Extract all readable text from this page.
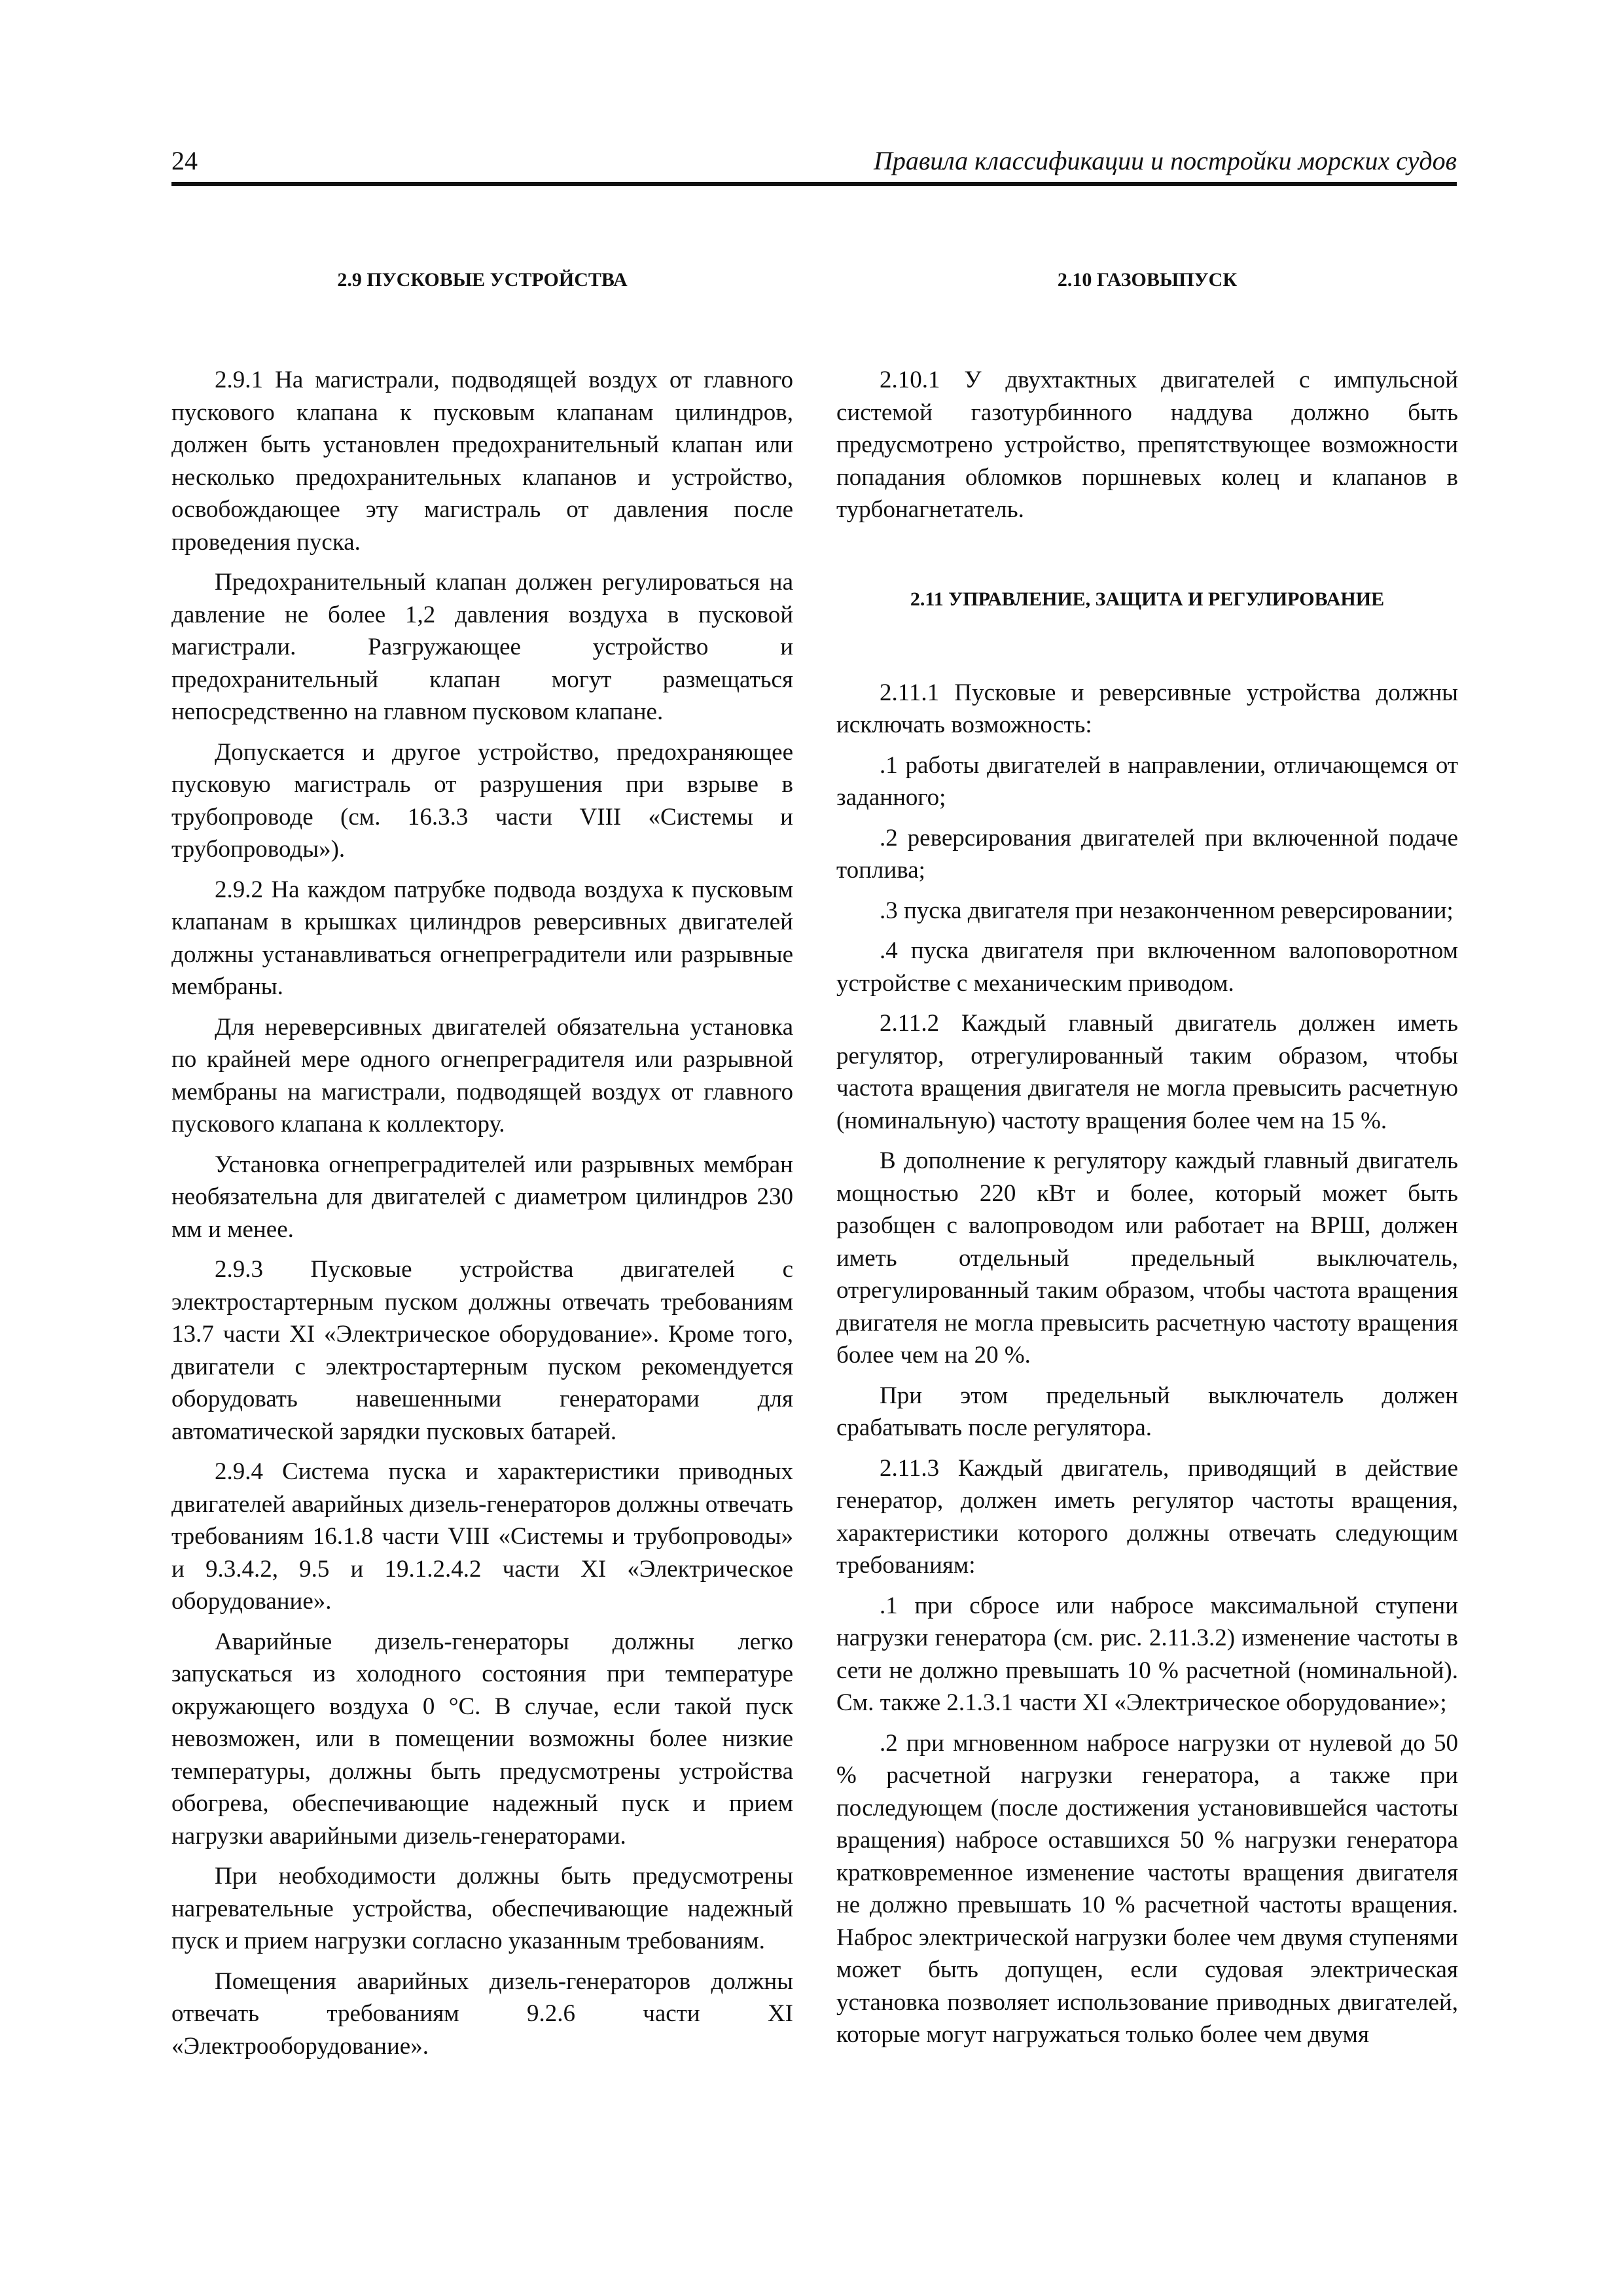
24	Правила классификации и постройки морских судов
2.9 ПУСКОВЫЕ УСТРОЙСТВА

2.9.1 На магистрали, подводящей воздух от главного пускового клапана к пусковым клапанам цилиндров, должен быть установлен предохранительный клапан или несколько предохранительных клапанов и устройство, освобождающее эту магистраль от давления после проведения пуска.

Предохранительный клапан должен регулироваться на давление не более 1,2 давления воздуха в пусковой магистрали. Разгружающее устройство и предохранительный клапан могут размещаться непосредственно на главном пусковом клапане.

Допускается и другое устройство, предохраняющее пусковую магистраль от разрушения при взрыве в трубопроводе (см. 16.3.3 части VIII «Системы и трубопроводы»).

2.9.2 На каждом патрубке подвода воздуха к пусковым клапанам в крышках цилиндров реверсивных двигателей должны устанавливаться огнепреградители или разрывные мембраны.

Для нереверсивных двигателей обязательна установка по крайней мере одного огнепреградителя или разрывной мембраны на магистрали, подводящей воздух от главного пускового клапана к коллектору.

Установка огнепреградителей или разрывных мембран необязательна для двигателей с диаметром цилиндров 230 мм и менее.

2.9.3 Пусковые устройства двигателей с электростартерным пуском должны отвечать требованиям 13.7 части XI «Электрическое оборудование». Кроме того, двигатели с электростартерным пуском рекомендуется оборудовать навешенными генераторами для автоматической зарядки пусковых батарей.

2.9.4 Система пуска и характеристики приводных двигателей аварийных дизель-генераторов должны отвечать требованиям 16.1.8 части VIII «Системы и трубопроводы» и 9.3.4.2, 9.5 и 19.1.2.4.2 части XI «Электрическое оборудование».

Аварийные дизель-генераторы должны легко запускаться из холодного состояния при температуре окружающего воздуха 0 °С. В случае, если такой пуск невозможен, или в помещении возможны более низкие температуры, должны быть предусмотрены устройства обогрева, обеспечивающие надежный пуск и прием нагрузки аварийными дизель-генераторами.

При необходимости должны быть предусмотрены нагревательные устройства, обеспечивающие надежный пуск и прием нагрузки согласно указанным требованиям.

Помещения аварийных дизель-генераторов должны отвечать требованиям 9.2.6 части XI «Электрооборудование».

2.10 ГАЗОВЫПУСК

2.10.1 У двухтактных двигателей с импульсной системой газотурбинного наддува должно быть предусмотрено устройство, препятствующее возможности попадания обломков поршневых колец и клапанов в турбонагнетатель.

2.11 УПРАВЛЕНИЕ, ЗАЩИТА И РЕГУЛИРОВАНИЕ

2.11.1 Пусковые и реверсивные устройства должны исключать возможность:

.1 работы двигателей в направлении, отличающемся от заданного;

.2 реверсирования двигателей при включенной подаче топлива;

.3 пуска двигателя при незаконченном реверсировании;

.4 пуска двигателя при включенном валоповоротном устройстве с механическим приводом.

2.11.2 Каждый главный двигатель должен иметь регулятор, отрегулированный таким образом, чтобы частота вращения двигателя не могла превысить расчетную (номинальную) частоту вращения более чем на 15 %.

В дополнение к регулятору каждый главный двигатель мощностью 220 кВт и более, который может быть разобщен с валопроводом или работает на ВРШ, должен иметь отдельный предельный выключатель, отрегулированный таким образом, чтобы частота вращения двигателя не могла превысить расчетную частоту вращения более чем на 20 %.

При этом предельный выключатель должен срабатывать после регулятора.

2.11.3 Каждый двигатель, приводящий в действие генератор, должен иметь регулятор частоты вращения, характеристики которого должны отвечать следующим требованиям:

.1 при сбросе или набросе максимальной ступени нагрузки генератора (см. рис. 2.11.3.2) изменение частоты в сети не должно превышать 10 % расчетной (номинальной). См. также 2.1.3.1 части XI «Электрическое оборудование»;

.2 при мгновенном набросе нагрузки от нулевой до 50 % расчетной нагрузки генератора, а также при последующем (после достижения установившейся частоты вращения) набросе оставшихся 50 % нагрузки генератора кратковременное изменение частоты вращения двигателя не должно превышать 10 % расчетной частоты вращения. Наброс электрической нагрузки более чем двумя ступенями может быть допущен, если судовая электрическая установка позволяет использование приводных двигателей, которые могут нагружаться только более чем двумя
